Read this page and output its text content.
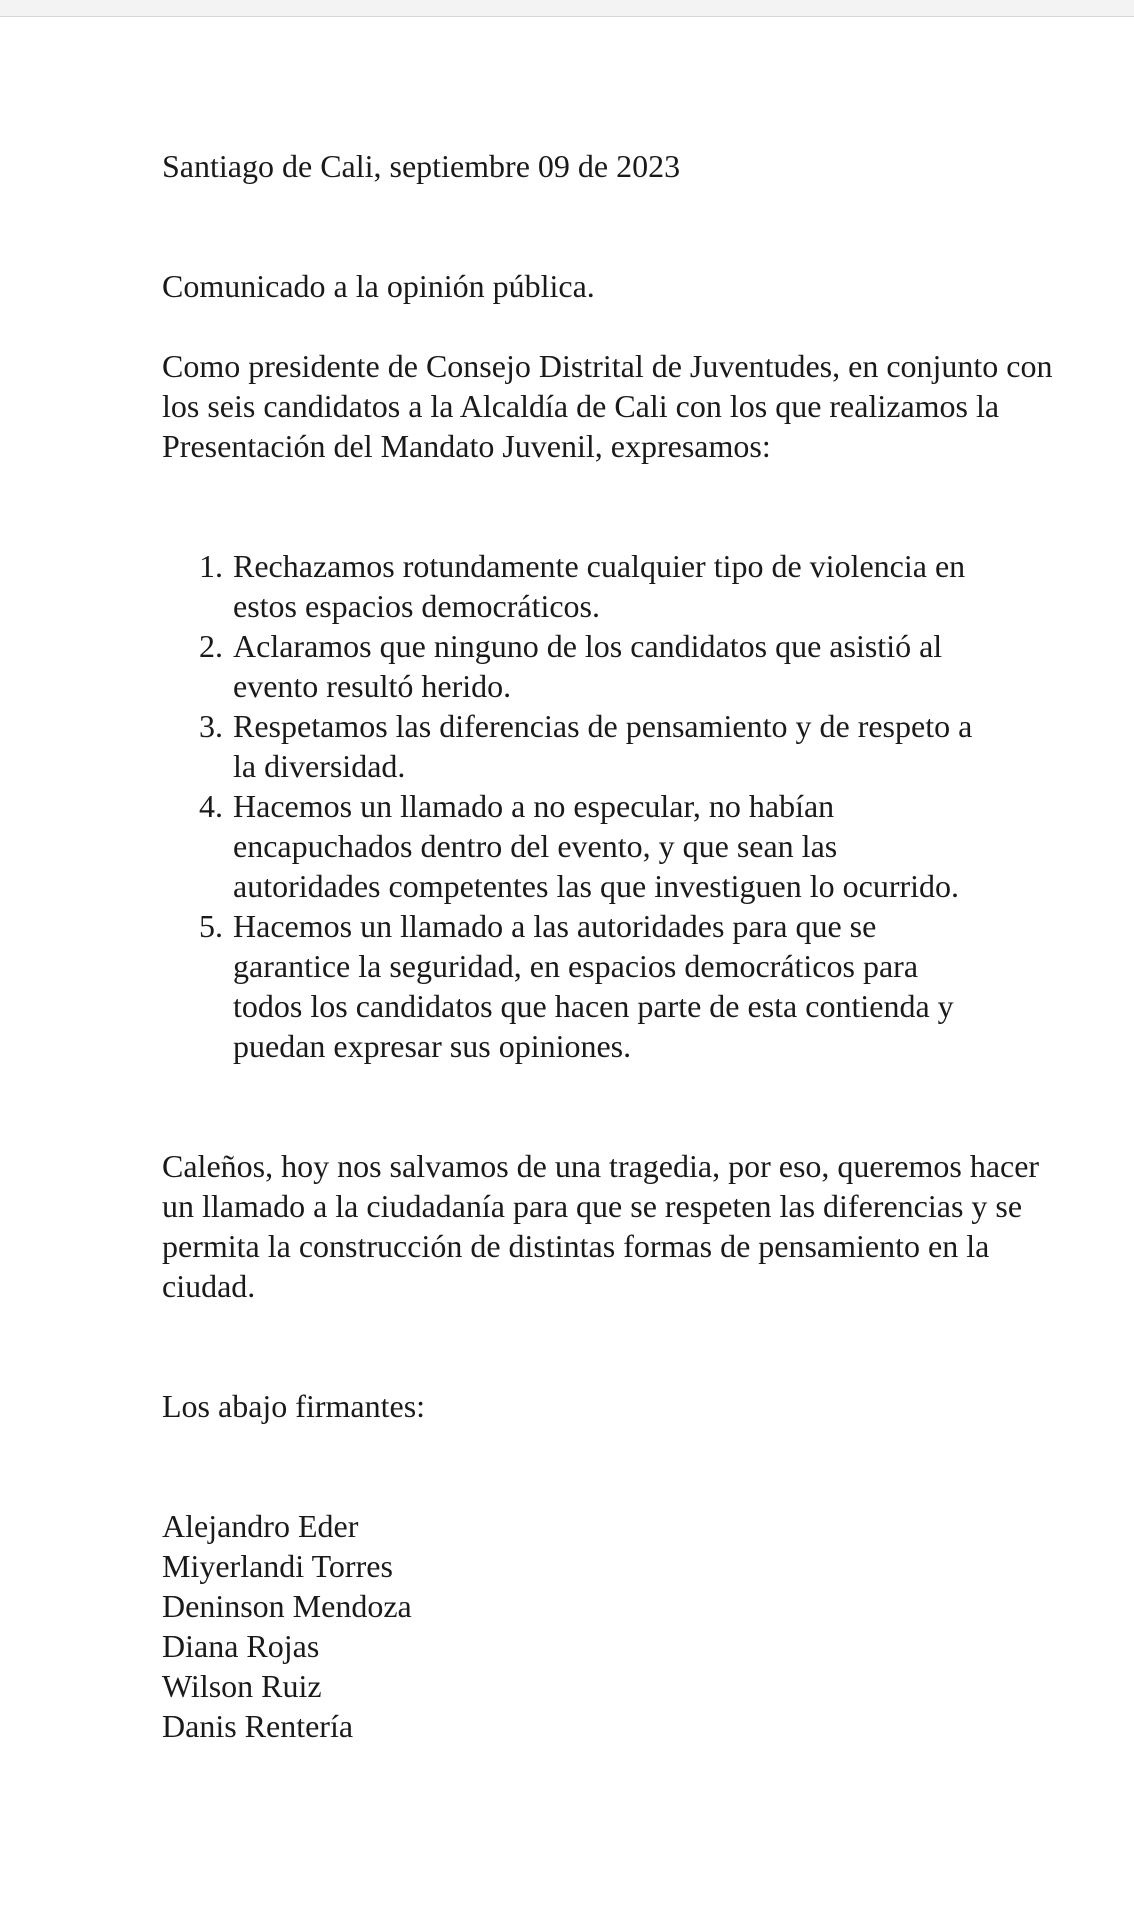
Santiago de Cali, septiembre 09 de 2023

Comunicado a la opinión pública.

Como presidente de Consejo Distrital de Juventudes, en conjunto con los seis candidatos a la Alcaldía de Cali con los que realizamos la Presentación del Mandato Juvenil, expresamos:

1. Rechazamos rotundamente cualquier tipo de violencia en estos espacios democráticos.
2. Aclaramos que ninguno de los candidatos que asistió al evento resultó herido.
3. Respetamos las diferencias de pensamiento y de respeto a la diversidad.
4. Hacemos un llamado a no especular, no habían encapuchados dentro del evento, y que sean las autoridades competentes las que investiguen lo ocurrido.
5. Hacemos un llamado a las autoridades para que se garantice la seguridad, en espacios democráticos para todos los candidatos que hacen parte de esta contienda y puedan expresar sus opiniones.

Caleños, hoy nos salvamos de una tragedia, por eso, queremos hacer un llamado a la ciudadanía para que se respeten las diferencias y se permita la construcción de distintas formas de pensamiento en la ciudad.

Los abajo firmantes:

Alejandro Eder
Miyerlandi Torres
Deninson Mendoza
Diana Rojas
Wilson Ruiz
Danis Rentería
